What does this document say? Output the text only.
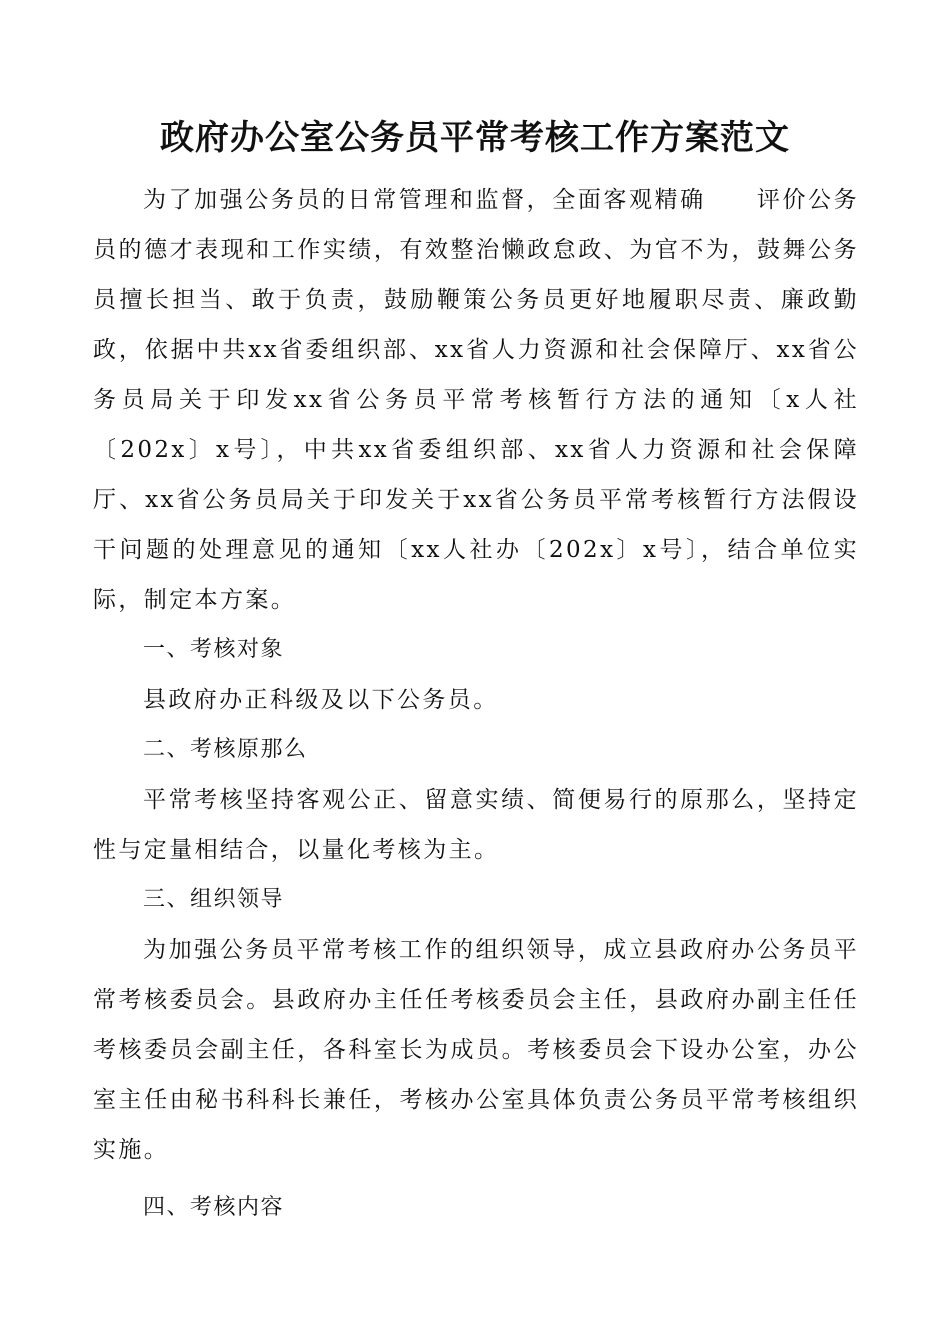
政府办公室公务员平常考核工作方案范文

为了加强公务员的日常管理和监督，全面客观精确　　评价公务员的德才表现和工作实绩，有效整治懒政怠政、为官不为，鼓舞公务员擅长担当、敢于负责，鼓励鞭策公务员更好地履职尽责、廉政勤政，依据中共xx省委组织部、xx省人力资源和社会保障厅、xx省公务员局关于印发xx省公务员平常考核暂行方法的通知〔x人社〔202x〕x号〕，中共xx省委组织部、xx省人力资源和社会保障厅、xx省公务员局关于印发关于xx省公务员平常考核暂行方法假设干问题的处理意见的通知〔xx人社办〔202x〕x号〕，结合单位实际，制定本方案。

一、考核对象

县政府办正科级及以下公务员。

二、考核原那么

平常考核坚持客观公正、留意实绩、简便易行的原那么，坚持定性与定量相结合，以量化考核为主。

三、组织领导

为加强公务员平常考核工作的组织领导，成立县政府办公务员平常考核委员会。县政府办主任任考核委员会主任，县政府办副主任任考核委员会副主任，各科室长为成员。考核委员会下设办公室，办公室主任由秘书科科长兼任，考核办公室具体负责公务员平常考核组织实施。

四、考核内容
